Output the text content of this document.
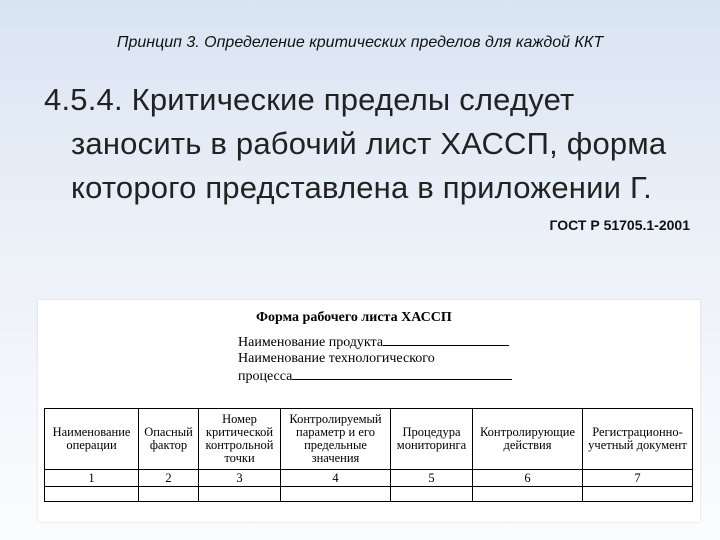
Принцип 3. Определение критических пределов для каждой ККТ
4.5.4. Критические пределы следует
заносить в рабочий лист ХАССП, форма
которого представлена в приложении Г.
ГОСТ Р 51705.1-2001
Форма рабочего листа ХАССП
Наименование продукта
Наименование технологического
процесса
Наименование операции	Опасный фактор	Номер критической контрольной точки	Контролируемый параметр и его предельные значения	Процедура мониторинга	Контролирующие действия	Регистрационно-учетный документ
1	2	3	4	5	6	7
